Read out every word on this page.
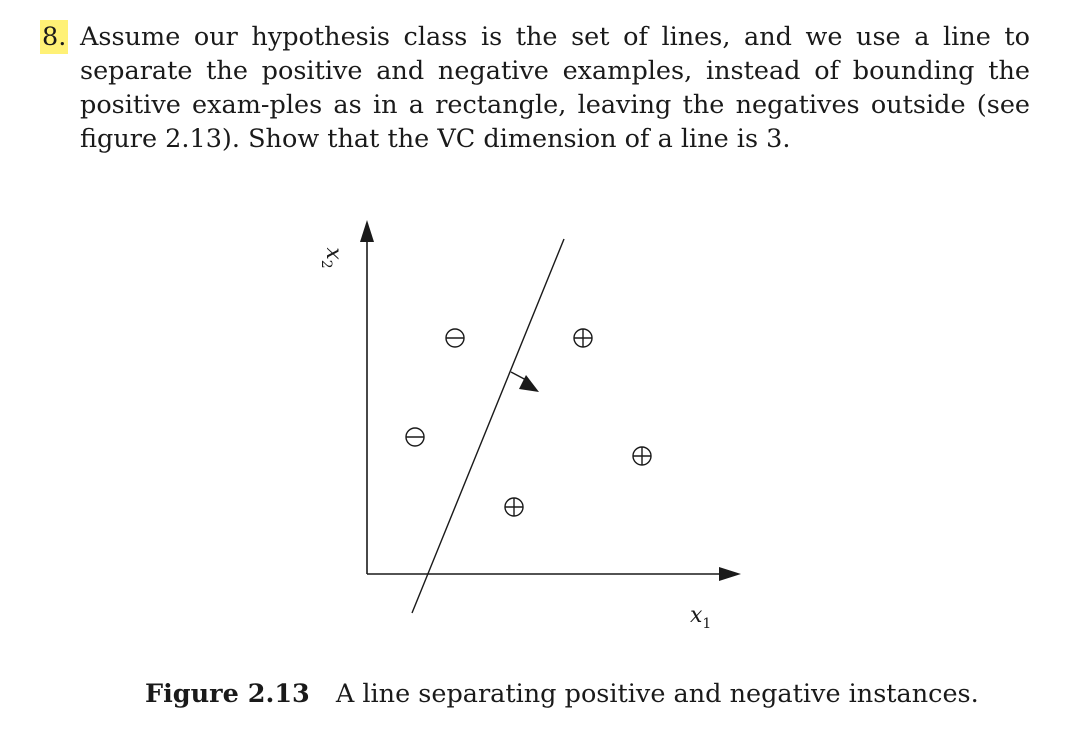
8. Assume our hypothesis class is the set of lines, and we use a line to separate the positive and negative examples, instead of bounding the positive exam-ples as in a rectangle, leaving the negatives outside (see figure 2.13). Show that the VC dimension of a line is 3.
$x_2$
$x_1$
Figure 2.13 A line separating positive and negative instances.
